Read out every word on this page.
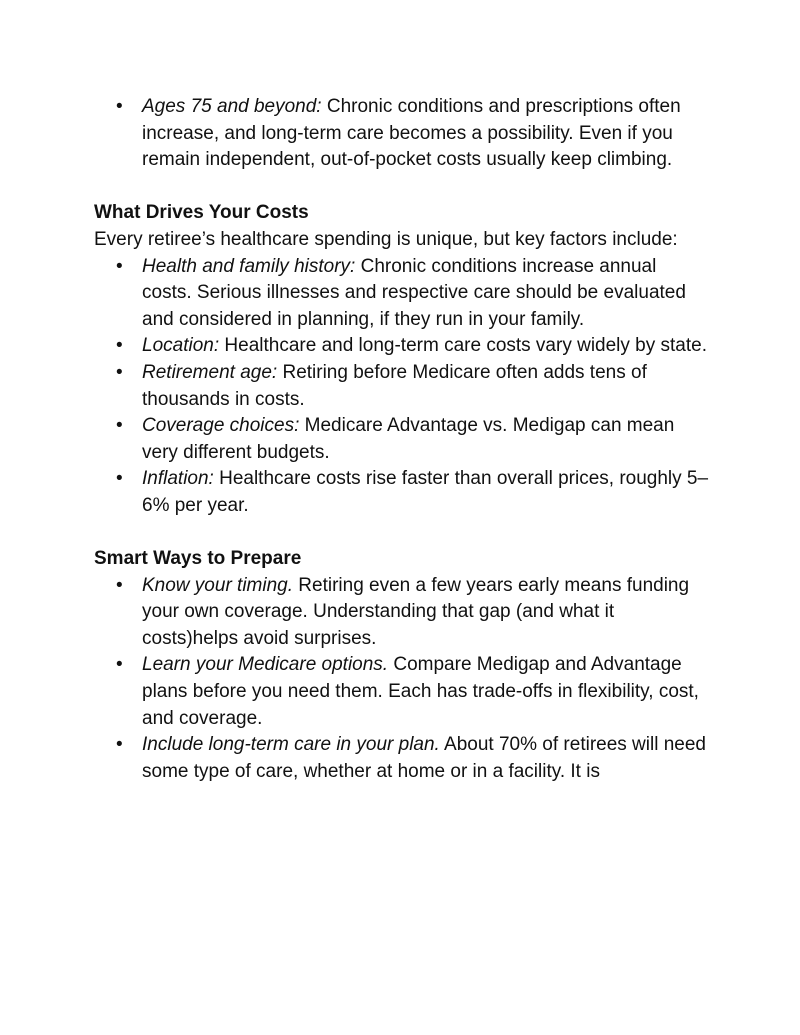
• Ages 75 and beyond: Chronic conditions and prescriptions often increase, and long-term care becomes a possibility. Even if you remain independent, out-of-pocket costs usually keep climbing.
What Drives Your Costs

Every retiree’s healthcare spending is unique, but key factors include:

• Health and family history: Chronic conditions increase annual costs. Serious illnesses and respective care should be evaluated and considered in planning, if they run in your family.
• Location: Healthcare and long-term care costs vary widely by state.
• Retirement age: Retiring before Medicare often adds tens of thousands in costs.
• Coverage choices: Medicare Advantage vs. Medigap can mean very different budgets.
• Inflation: Healthcare costs rise faster than overall prices, roughly 5–6% per year.
Smart Ways to Prepare
• Know your timing. Retiring even a few years early means funding your own coverage. Understanding that gap (and what it costs)helps avoid surprises.
• Learn your Medicare options. Compare Medigap and Advantage plans before you need them. Each has trade-offs in flexibility, cost, and coverage.
• Include long-term care in your plan. About 70% of retirees will need some type of care, whether at home or in a facility. It is
